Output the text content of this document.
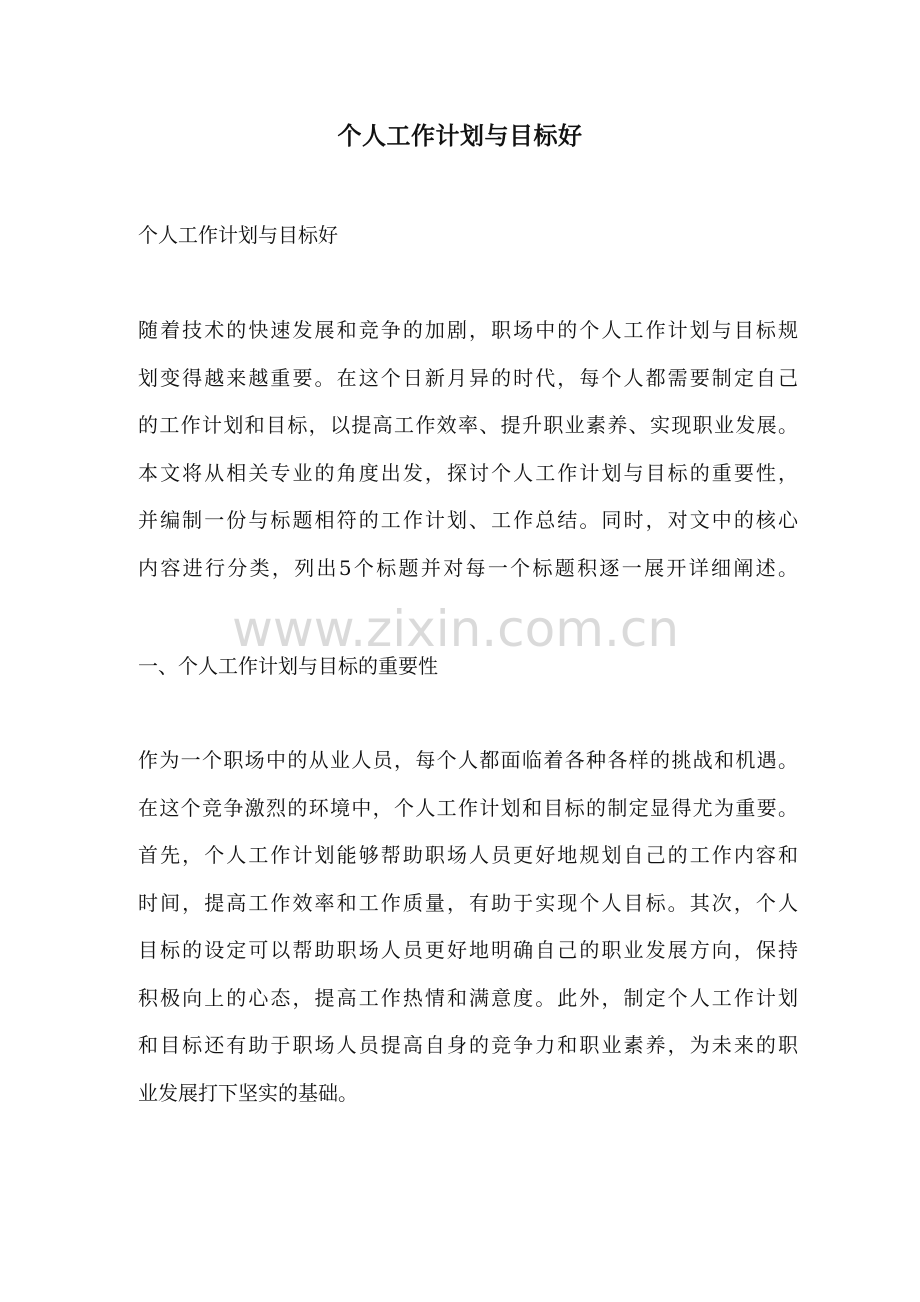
个人工作计划与目标好
个人工作计划与目标好
随着技术的快速发展和竞争的加剧，职场中的个人工作计划与目标规
划变得越来越重要。在这个日新月异的时代，每个人都需要制定自己
的工作计划和目标，以提高工作效率、提升职业素养、实现职业发展。
本文将从相关专业的角度出发，探讨个人工作计划与目标的重要性，
并编制一份与标题相符的工作计划、工作总结。同时，对文中的核心
内容进行分类，列出5个标题并对每一个标题积逐一展开详细阐述。
www.zixin.com.cn
一、个人工作计划与目标的重要性
作为一个职场中的从业人员，每个人都面临着各种各样的挑战和机遇。
在这个竞争激烈的环境中，个人工作计划和目标的制定显得尤为重要。
首先，个人工作计划能够帮助职场人员更好地规划自己的工作内容和
时间，提高工作效率和工作质量，有助于实现个人目标。其次，个人
目标的设定可以帮助职场人员更好地明确自己的职业发展方向，保持
积极向上的心态，提高工作热情和满意度。此外，制定个人工作计划
和目标还有助于职场人员提高自身的竞争力和职业素养，为未来的职
业发展打下坚实的基础。
